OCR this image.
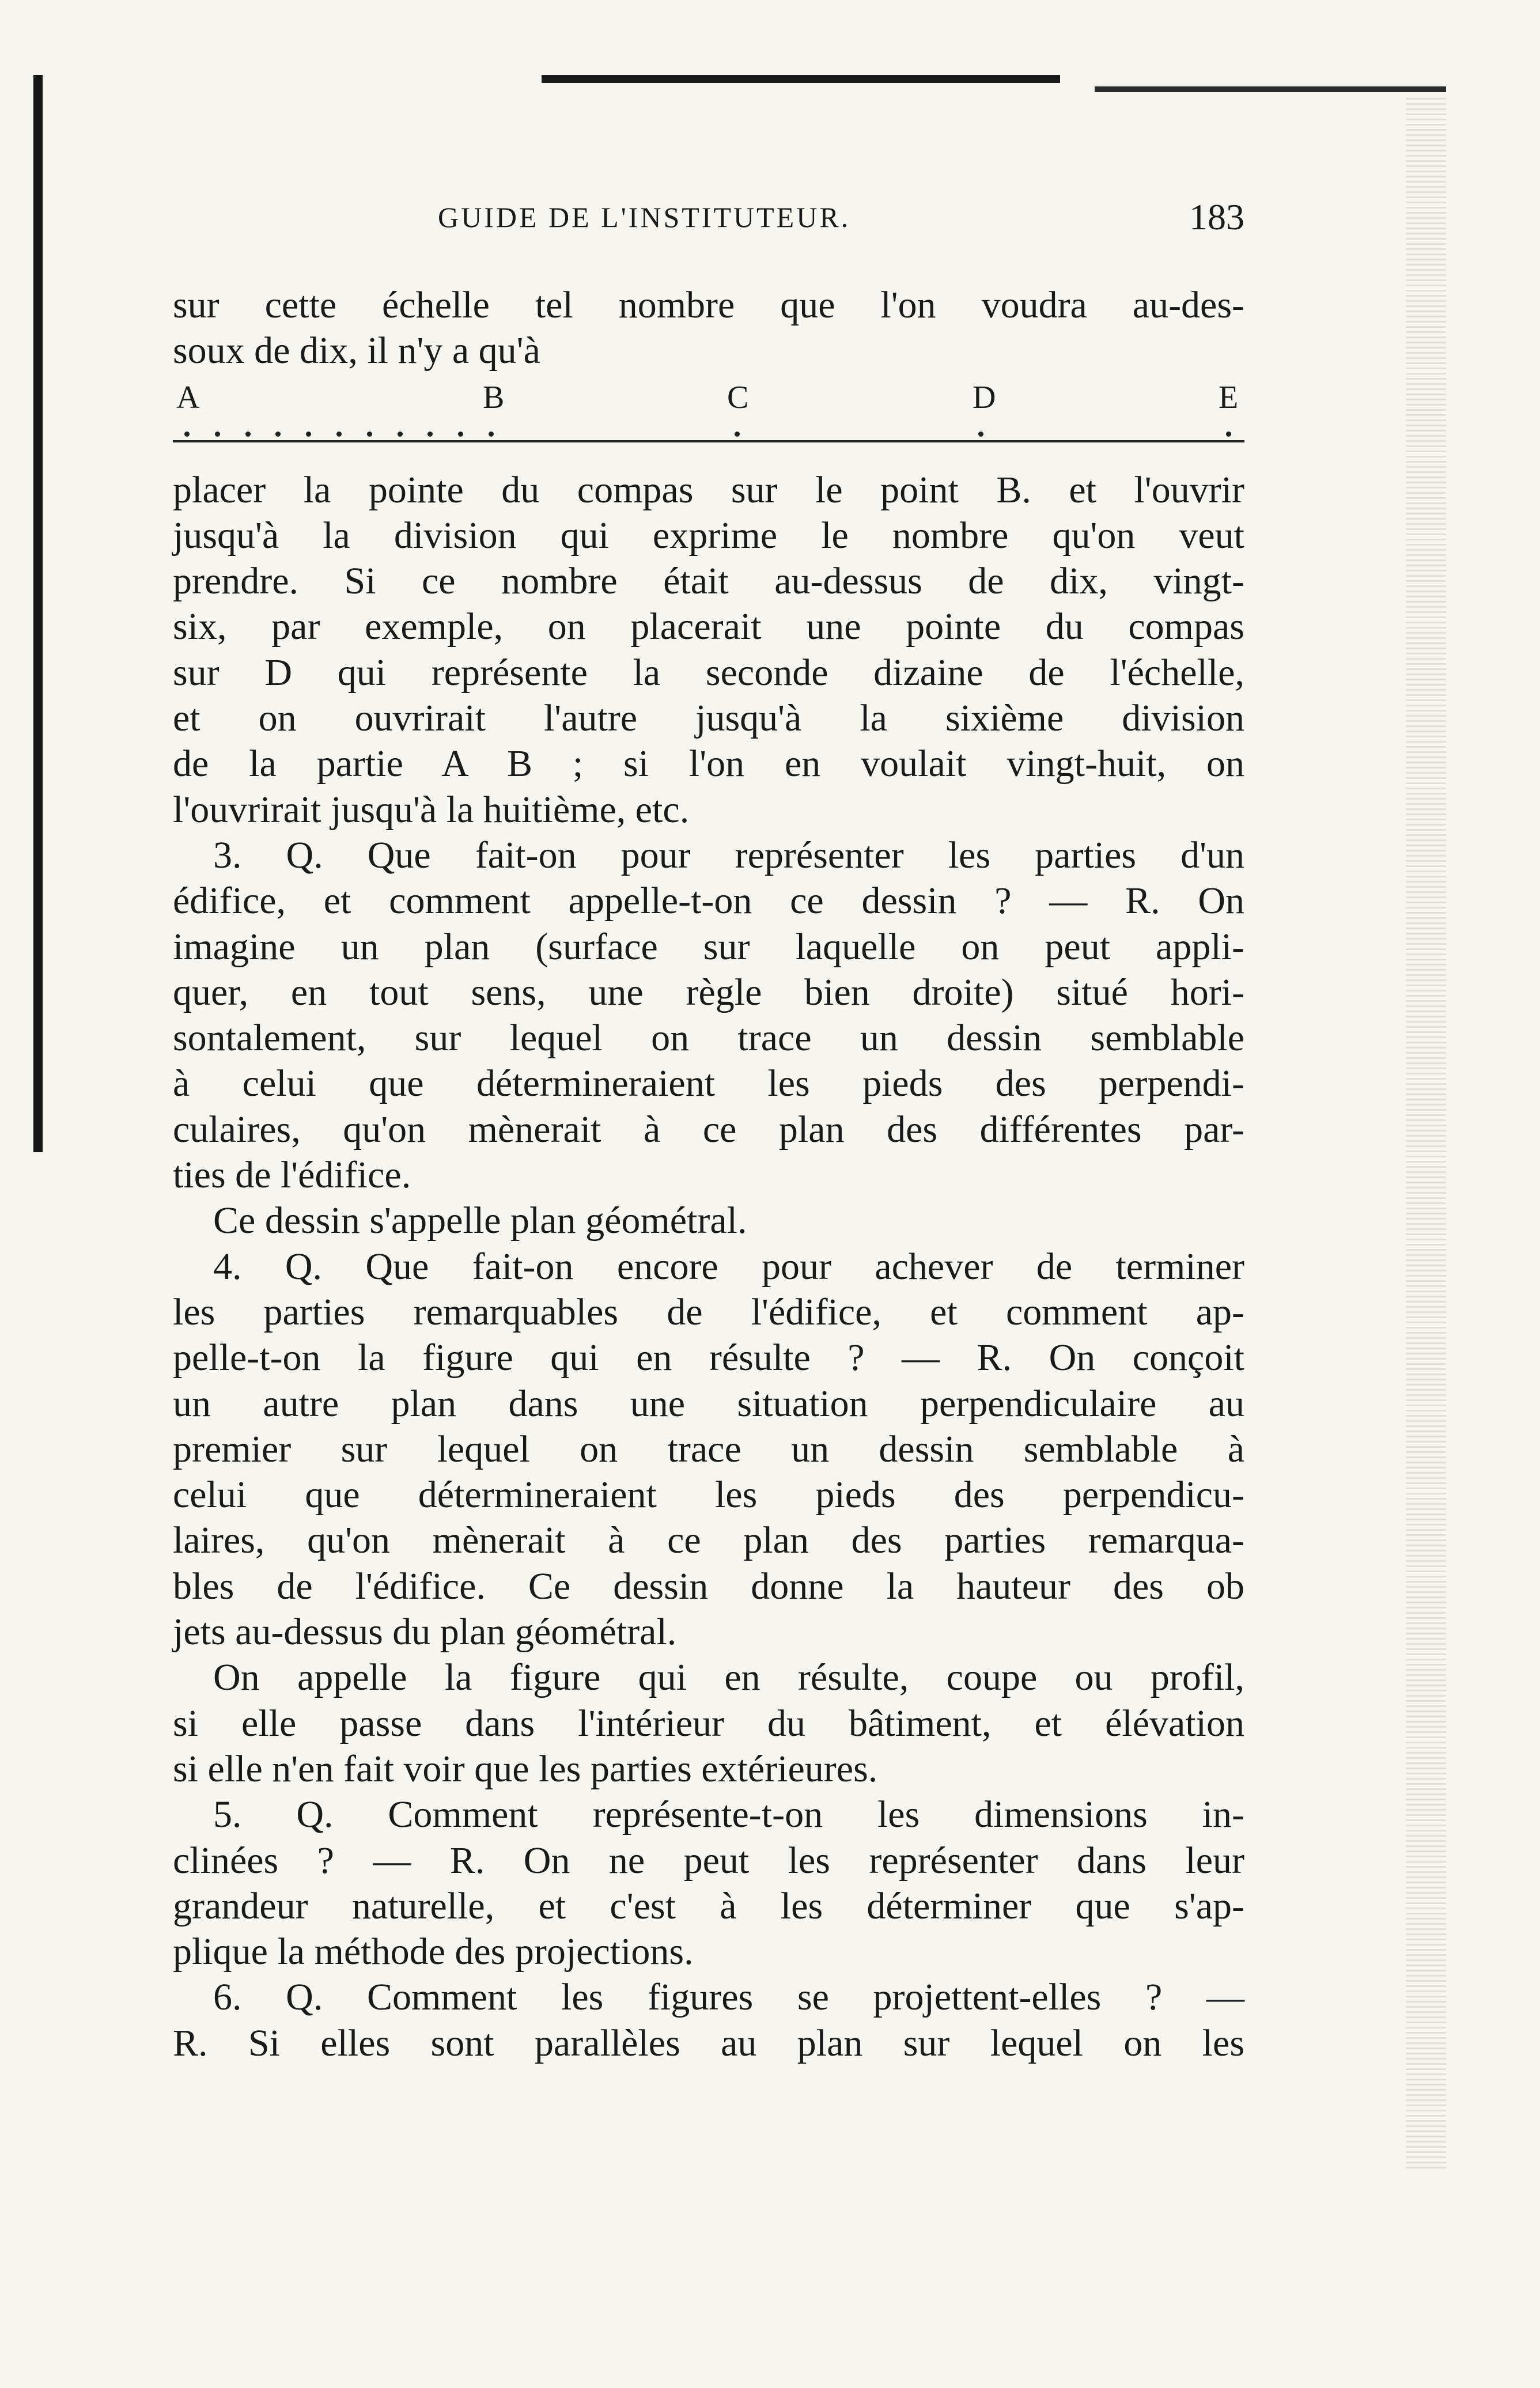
GUIDE DE L'INSTITUTEUR.	183
sur cette échelle tel nombre que l'on voudra au-des-
soux de dix, il n'y a qu'à
placer la pointe du compas sur le point B. et l'ouvrir
jusqu'à la division qui exprime le nombre qu'on veut
prendre. Si ce nombre était au-dessus de dix, vingt-
six, par exemple, on placerait une pointe du compas
sur D qui représente la seconde dizaine de l'échelle,
et on ouvrirait l'autre jusqu'à la sixième division
de la partie A B ; si l'on en voulait vingt-huit, on
l'ouvrirait jusqu'à la huitième, etc.
3. Q. Que fait-on pour représenter les parties d'un
édifice, et comment appelle-t-on ce dessin ? — R. On
imagine un plan (surface sur laquelle on peut appli-
quer, en tout sens, une règle bien droite) situé hori-
sontalement, sur lequel on trace un dessin semblable
à celui que détermineraient les pieds des perpendi-
culaires, qu'on mènerait à ce plan des différentes par-
ties de l'édifice.
Ce dessin s'appelle plan géométral.
4. Q. Que fait-on encore pour achever de terminer
les parties remarquables de l'édifice, et comment ap-
pelle-t-on la figure qui en résulte ? — R. On conçoit
un autre plan dans une situation perpendiculaire au
premier sur lequel on trace un dessin semblable à
celui que détermineraient les pieds des perpendicu-
laires, qu'on mènerait à ce plan des parties remarqua-
bles de l'édifice. Ce dessin donne la hauteur des ob
jets au-dessus du plan géométral.
On appelle la figure qui en résulte, coupe ou profil,
si elle passe dans l'intérieur du bâtiment, et élévation
si elle n'en fait voir que les parties extérieures.
5. Q. Comment représente-t-on les dimensions in-
clinées ? — R. On ne peut les représenter dans leur
grandeur naturelle, et c'est à les déterminer que s'ap-
plique la méthode des projections.
6. Q. Comment les figures se projettent-elles ? —
R. Si elles sont parallèles au plan sur lequel on les
A	B	C	D	E
